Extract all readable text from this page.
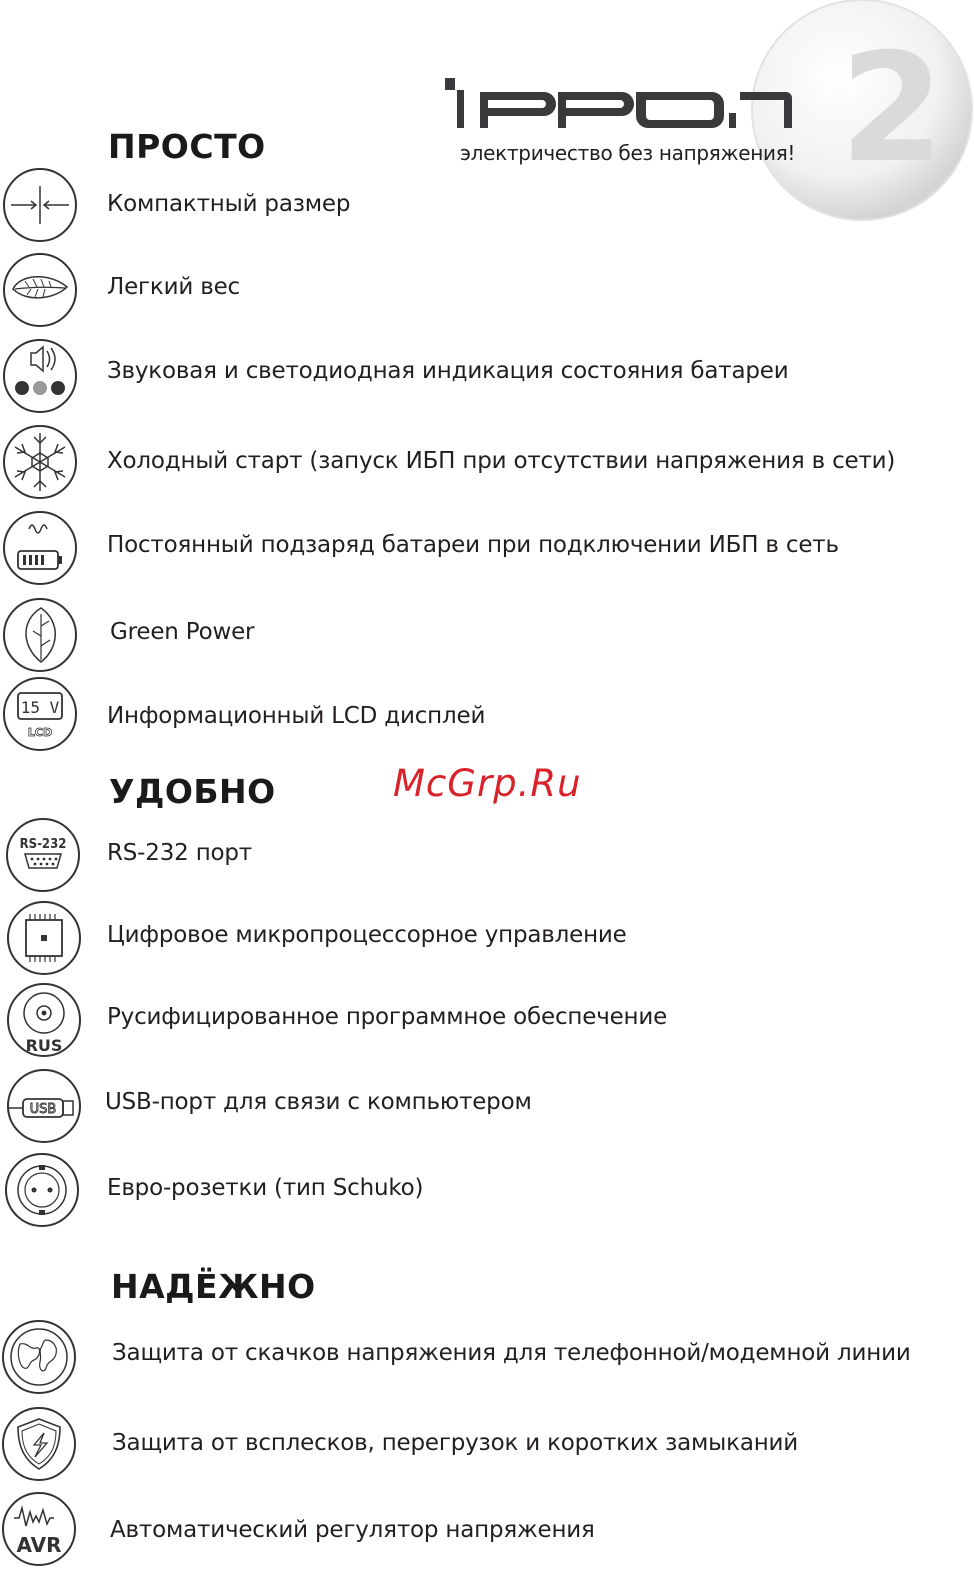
2
электричество без напряжения!
McGrp.Ru
ПРОСТО
Компактный размер
Легкий вес
Звуковая и светодиодная индикация состояния батареи
Холодный старт (запуск ИБП при отсутствии напряжения в сети)
Постоянный подзаряд батареи при подключении ИБП в сеть
Green Power
15 V
LCD
Информационный LCD дисплей
УДОБНО
RS-232 RS-232 порт
Цифровое микропроцессорное управление
RUS
Русифицированное программное обеспечение
USB USB-порт для связи с компьютером
Евро-розетки (тип Schuko)
НАДЁЖНО
Защита от скачков напряжения для телефонной/модемной линии
Защита от всплесков, перегрузок и коротких замыканий
AVR
Автоматический регулятор напряжения
